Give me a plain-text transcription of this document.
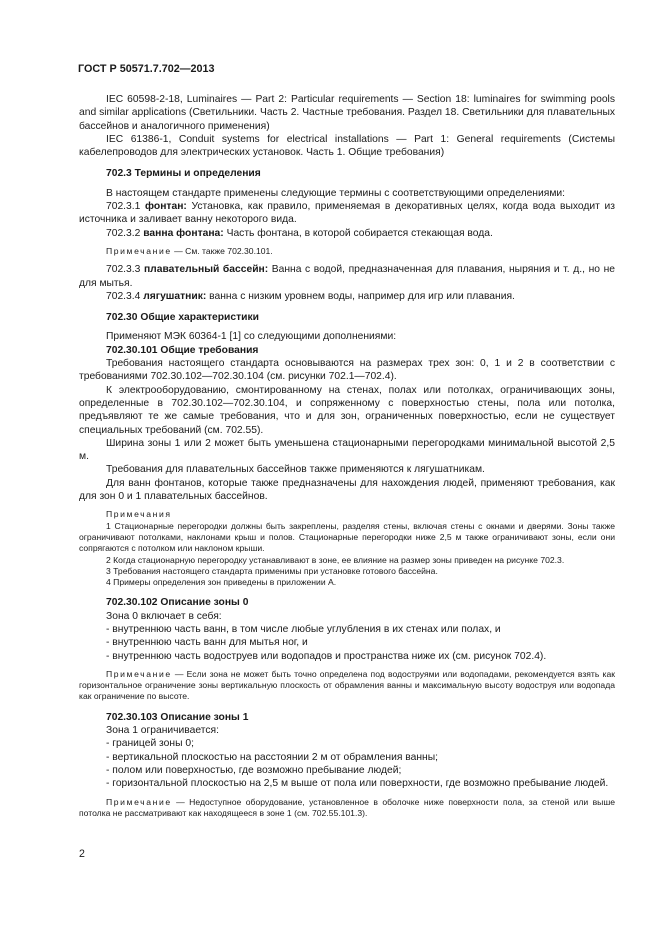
ГОСТ Р 50571.7.702—2013

IEC 60598-2-18, Luminaires — Part 2: Particular requirements — Section 18: luminaires for swimming pools and similar applications (Светильники. Часть 2. Частные требования. Раздел 18. Светильники для плавательных бассейнов и аналогичного применения)

IEC 61386-1, Conduit systems for electrical installations — Part 1: General requirements (Системы кабелепроводов для электрических установок. Часть 1. Общие требования)

702.3 Термины и определения

В настоящем стандарте применены следующие термины с соответствующими определениями:

702.3.1 фонтан: Установка, как правило, применяемая в декоративных целях, когда вода выходит из источника и заливает ванну некоторого вида.

702.3.2 ванна фонтана: Часть фонтана, в которой собирается стекающая вода.

Примечание — См. также 702.30.101.

702.3.3 плавательный бассейн: Ванна с водой, предназначенная для плавания, ныряния и т. д., но не для мытья.

702.3.4 лягушатник: ванна с низким уровнем воды, например для игр или плавания.

702.30 Общие характеристики

Применяют МЭК 60364-1 [1] со следующими дополнениями:

702.30.101 Общие требования

Требования настоящего стандарта основываются на размерах трех зон: 0, 1 и 2 в соответствии с требованиями 702.30.102—702.30.104 (см. рисунки 702.1—702.4).

К электрооборудованию, смонтированному на стенах, полах или потолках, ограничивающих зоны, определенные в 702.30.102—702.30.104, и сопряженному с поверхностью стены, пола или потолка, предъявляют те же самые требования, что и для зон, ограниченных поверхностью, если не существует специальных требований (см. 702.55).

Ширина зоны 1 или 2 может быть уменьшена стационарными перегородками минимальной высотой 2,5 м.

Требования для плавательных бассейнов также применяются к лягушатникам.

Для ванн фонтанов, которые также предназначены для нахождения людей, применяют требования, как для зон 0 и 1 плавательных бассейнов.

Примечания

1 Стационарные перегородки должны быть закреплены, разделяя стены, включая стены с окнами и дверями. Зоны также ограничивают потолками, наклонами крыш и полов. Стационарные перегородки ниже 2,5 м также ограничивают зоны, если они сопрягаются с потолком или наклоном крыши.

2 Когда стационарную перегородку устанавливают в зоне, ее влияние на размер зоны приведен на рисунке 702.3.

3 Требования настоящего стандарта применимы при установке готового бассейна.

4 Примеры определения зон приведены в приложении А.

702.30.102 Описание зоны 0

Зона 0 включает в себя:

- внутреннюю часть ванн, в том числе любые углубления в их стенах или полах, и

- внутреннюю часть ванн для мытья ног, и

- внутреннюю часть водоструев или водопадов и пространства ниже их (см. рисунок 702.4).

Примечание — Если зона не может быть точно определена под водоструями или водопадами, рекомендуется взять как горизонтальное ограничение зоны вертикальную плоскость от обрамления ванны и максимальную высоту водоструя или водопада как ограничение по высоте.

702.30.103 Описание зоны 1

Зона 1 ограничивается:

- границей зоны 0;

- вертикальной плоскостью на расстоянии 2 м от обрамления ванны;

- полом или поверхностью, где возможно пребывание людей;

- горизонтальной плоскостью на 2,5 м выше от пола или поверхности, где возможно пребывание людей.

Примечание — Недоступное оборудование, установленное в оболочке ниже поверхности пола, за стеной или выше потолка не рассматривают как находящееся в зоне 1 (см. 702.55.101.3).

2
